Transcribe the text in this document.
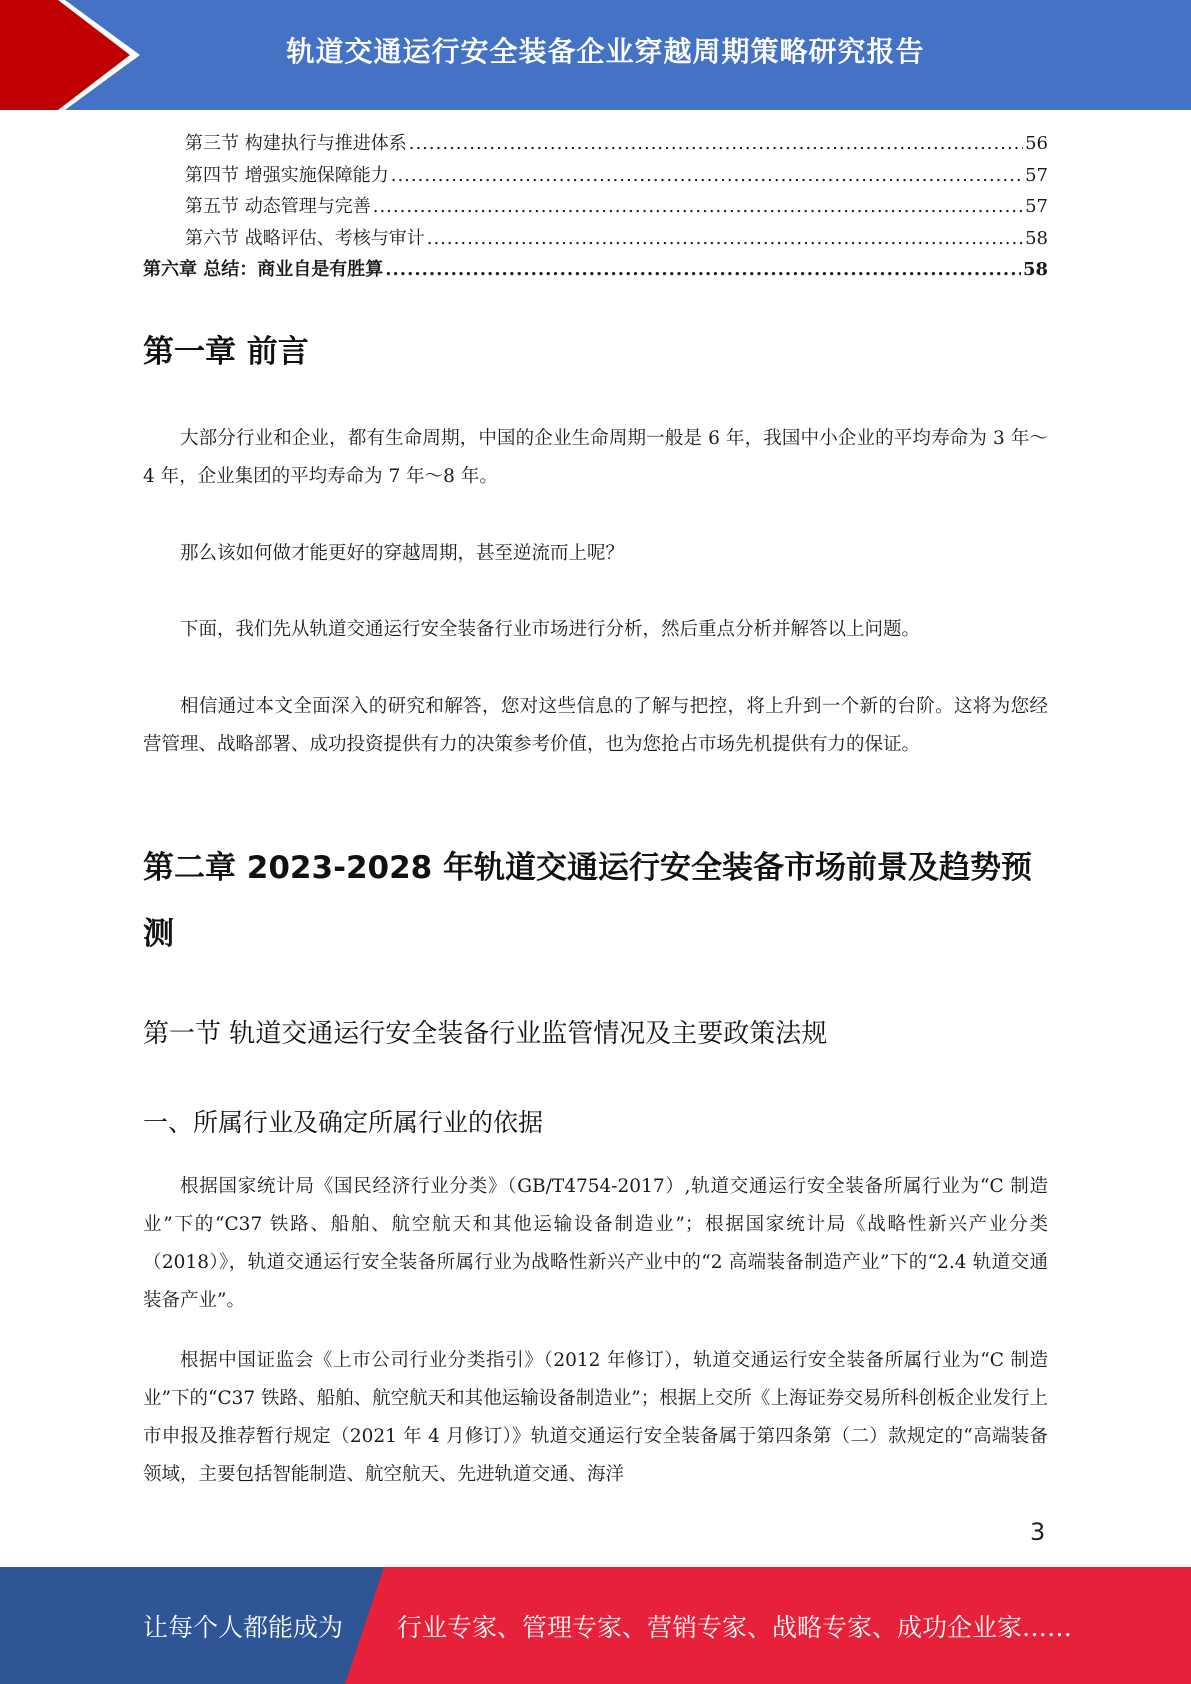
轨道交通运行安全装备企业穿越周期策略研究报告
第三节 构建执行与推进体系 .....	56
第四节 增强实施保障能力 .....	57
第五节 动态管理与完善 .....	57
第六节 战略评估、考核与审计 .....	58
第六章 总结：商业自是有胜算 .....	58
第一章 前言
大部分行业和企业，都有生命周期，中国的企业生命周期一般是 6 年，我国中小企业的平均寿命为 3 年～4 年，企业集团的平均寿命为 7 年～8 年。
那么该如何做才能更好的穿越周期，甚至逆流而上呢？
下面，我们先从轨道交通运行安全装备行业市场进行分析，然后重点分析并解答以上问题。
相信通过本文全面深入的研究和解答，您对这些信息的了解与把控，将上升到一个新的台阶。这将为您经营管理、战略部署、成功投资提供有力的决策参考价值，也为您抢占市场先机提供有力的保证。
第二章 2023-2028 年轨道交通运行安全装备市场前景及趋势预
测
第一节 轨道交通运行安全装备行业监管情况及主要政策法规
一、所属行业及确定所属行业的依据
根据国家统计局《国民经济行业分类》（GB/T4754-2017）,轨道交通运行安全装备所属行业为“C 制造业”下的“C37 铁路、船舶、航空航天和其他运输设备制造业”；根据国家统计局《战略性新兴产业分类（2018）》，轨道交通运行安全装备所属行业为战略性新兴产业中的“2 高端装备制造产业”下的“2.4 轨道交通装备产业”。
根据中国证监会《上市公司行业分类指引》（2012 年修订），轨道交通运行安全装备所属行业为“C 制造业”下的“C37 铁路、船舶、航空航天和其他运输设备制造业”；根据上交所《上海证券交易所科创板企业发行上市申报及推荐暂行规定（2021 年 4 月修订）》轨道交通运行安全装备属于第四条第（二）款规定的“高端装备领域，主要包括智能制造、航空航天、先进轨道交通、海洋
3
让每个人都能成为 行业专家、管理专家、营销专家、战略专家、成功企业家……
